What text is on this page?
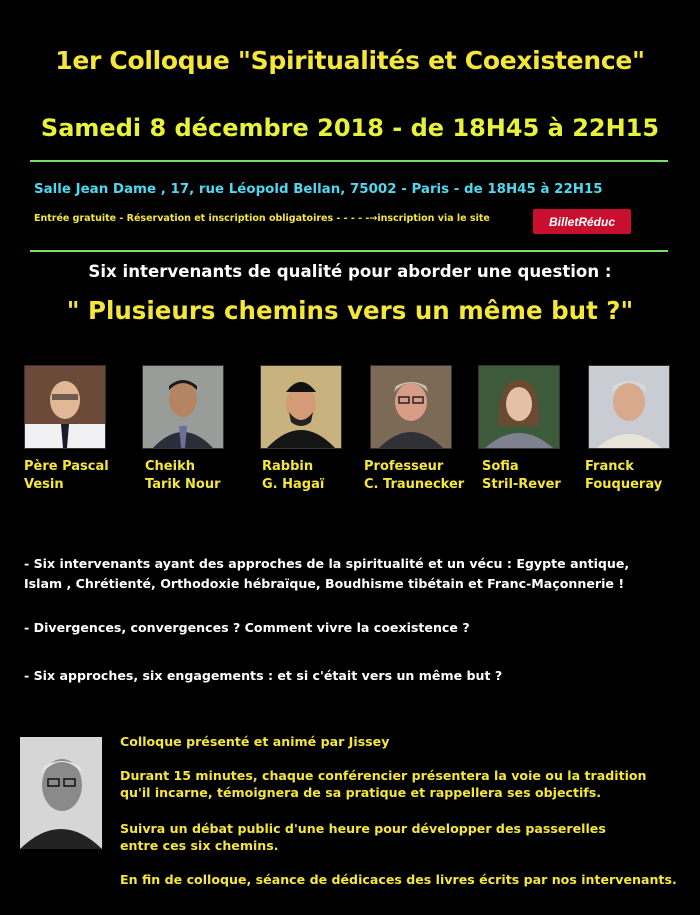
1er Colloque "Spiritualités et Coexistence"
Samedi 8 décembre 2018 - de 18H45 à 22H15
Salle Jean Dame , 17, rue Léopold Bellan, 75002 - Paris - de 18H45 à 22H15
Entrée gratuite - Réservation et inscription obligatoires - - - - -→inscription via le site	BilletRéduc
Six intervenants de qualité pour aborder une question :
" Plusieurs chemins vers un même but ?"
Père Pascal
Vesin
Cheikh
Tarik Nour
Rabbin
G. Hagaï
Professeur
C. Traunecker
Sofia
Stril-Rever
Franck
Fouqueray
- Six intervenants ayant des approches de la spiritualité et un vécu : Egypte antique,
Islam , Chrétienté, Orthodoxie hébraïque, Boudhisme tibétain et Franc-Maçonnerie !
- Divergences, convergences ? Comment vivre la coexistence ?
- Six approches, six engagements : et si c'était vers un même but ?
Colloque présenté et animé par Jissey
Durant 15 minutes, chaque conférencier présentera la voie ou la tradition
qu'il incarne, témoignera de sa pratique et rappellera ses objectifs.
Suivra un débat public d'une heure pour développer des passerelles
entre ces six chemins.
En fin de colloque, séance de dédicaces des livres écrits par nos intervenants.
